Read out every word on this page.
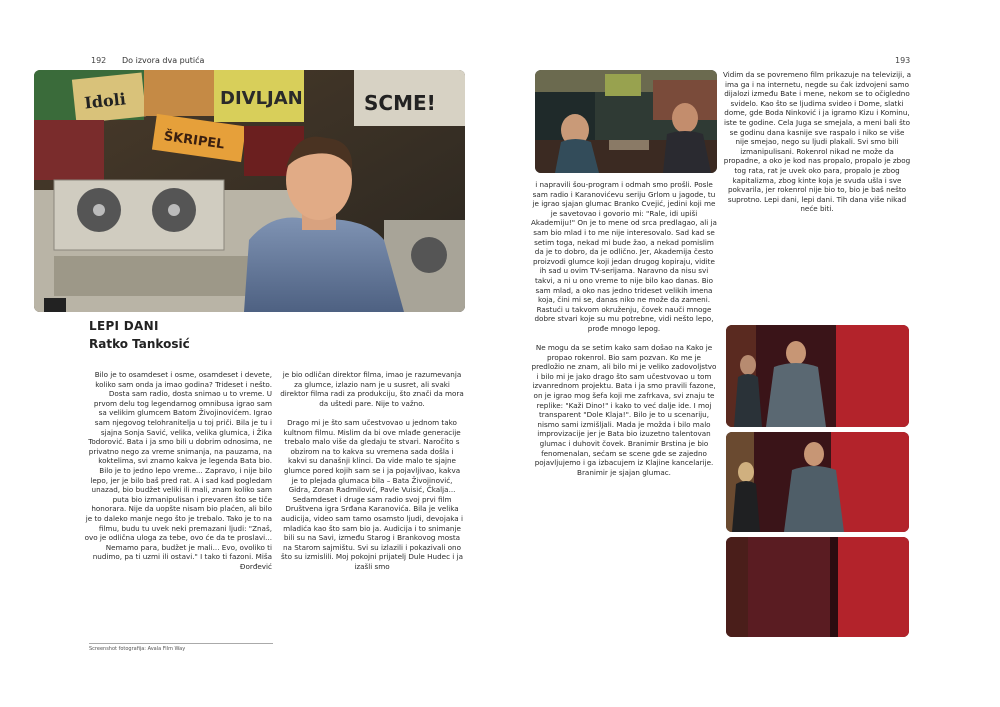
192 Do izvora dva putića	193
Idoli	DIVLJAN	SCME!
ŠKRIPEL
LEPI DANI
Ratko Tankosić

Bilo je to osamdeset i osme, osamdeset i devete, koliko sam onda ja imao godina? Trideset i nešto. Dosta sam radio, dosta snimao u to vreme. U prvom delu tog legendarnog omnibusa igrao sam sa velikim glumcem Batom Živojinovićem. Igrao sam njegovog telohranitelja u toj priči. Bila je tu i sjajna Sonja Savić, velika, velika glumica, i Žika Todorović. Bata i ja smo bili u dobrim odnosima, ne privatno nego za vreme snimanja, na pauzama, na koktelima, svi znamo kakva je legenda Bata bio. Bilo je to jedno lepo vreme... Zapravo, i nije bilo lepo, jer je bilo baš pred rat. A i sad kad pogledam unazad, bio budžet veliki ili mali, znam koliko sam puta bio izmanipulisan i prevaren što se tiče honorara. Nije da uopšte nisam bio plaćen, ali bilo je to daleko manje nego što je trebalo. Tako je to na filmu, budu tu uvek neki premazani ljudi: "Znaš, ovo je odlična uloga za tebe, ovo će da te proslavi... Nemamo para, budžet je mali... Evo, ovoliko ti nudimo, pa ti uzmi ili ostavi." I tako ti fazoni. Miša Đorđević

je bio odličan direktor filma, imao je razumevanja za glumce, izlazio nam je u susret, ali svaki direktor filma radi za produkciju, što znači da mora da uštedi pare. Nije to važno.

Drago mi je što sam učestvovao u jednom tako kultnom filmu. Mislim da bi ove mlađe generacije trebalo malo više da gledaju te stvari. Naročito s obzirom na to kakva su vremena sada došla i kakvi su današnji klinci. Da vide malo te sjajne glumce pored kojih sam se i ja pojavljivao, kakva je to plejada glumaca bila – Bata Živojinović, Gidra, Zoran Radmilović, Pavle Vuisić, Čkalja... Sedamdeset i druge sam radio svoj prvi film Društvena igra Srđana Karanovića. Bila je velika audicija, video sam tamo osamsto ljudi, devojaka i mladića kao što sam bio ja. Audicija i to snimanje bili su na Savi, između Starog i Brankovog mosta na Starom sajmištu. Svi su izlazili i pokazivali ono što su izmislili. Moj pokojni prijatelj Dule Hudec i ja izašli smo

Screenshot fotografija: Avala Film Way

i napravili šou-program i odmah smo prošli. Posle sam radio i Karanovićevu seriju Grlom u jagode, tu je igrao sjajan glumac Branko Cvejić, jedini koji me je savetovao i govorio mi: "Rale, idi upiši Akademiju!" On je to mene od srca predlagao, ali ja sam bio mlad i to me nije interesovalo. Sad kad se setim toga, nekad mi bude žao, a nekad pomislim da je to dobro, da je odlično. Jer, Akademija često proizvodi glumce koji jedan drugog kopiraju, vidite ih sad u ovim TV-serijama. Naravno da nisu svi takvi, a ni u ono vreme to nije bilo kao danas. Bio sam mlad, a oko nas jedno trideset velikih imena koja, čini mi se, danas niko ne može da zameni. Rastući u takvom okruženju, čovek nauči mnoge dobre stvari koje su mu potrebne, vidi nešto lepo, prođe mnogo lepog.

Ne mogu da se setim kako sam došao na Kako je propao rokenrol. Bio sam pozvan. Ko me je predložio ne znam, ali bilo mi je veliko zadovoljstvo i bilo mi je jako drago što sam učestvovao u tom izvanrednom projektu. Bata i ja smo pravili fazone, on je igrao mog šefa koji me zafrkava, svi znaju te replike: "Kaži Dino!" i kako to već dalje ide. I moj transparent "Dole Klaja!". Bilo je to u scenariju, nismo sami izmišljali. Mada je možda i bilo malo improvizacije jer je Bata bio izuzetno talentovan glumac i duhovit čovek. Branimir Brstina je bio fenomenalan, sećam se scene gde se zajedno pojavljujemo i ga izbacujem iz Klajine kancelarije. Branimir je sjajan glumac.

Vidim da se povremeno film prikazuje na televiziji, a ima ga i na internetu, negde su čak izdvojeni samo dijalozi između Bate i mene, nekom se to očigledno svidelo. Kao što se ljudima svideo i Dome, slatki dome, gde Boda Ninković i ja igramo Kizu i Kominu, iste te godine. Cela Juga se smejala, a meni bali što se godinu dana kasnije sve raspalo i niko se više nije smejao, nego su ljudi plakali. Svi smo bili izmanipulisani. Rokenrol nikad ne može da propadne, a oko je kod nas propalo, propalo je zbog tog rata, rat je uvek oko para, propalo je zbog kapitalizma, zbog kinte koja je svuda ušla i sve pokvarila, jer rokenrol nije bio to, bio je baš nešto suprotno. Lepi dani, lepi dani. Tih dana više nikad neće biti.
